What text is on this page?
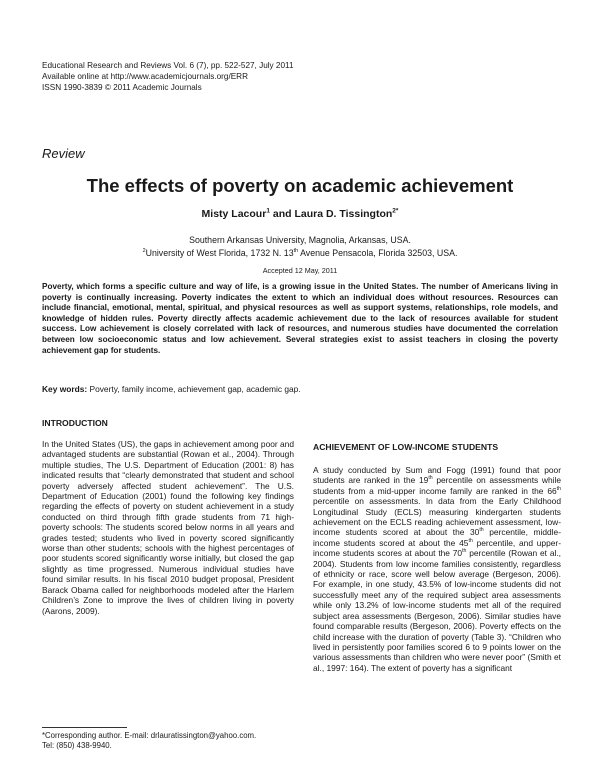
Educational Research and Reviews Vol. 6 (7), pp. 522-527, July 2011
Available online at http://www.academicjournals.org/ERR
ISSN 1990-3839 © 2011 Academic Journals
Review
The effects of poverty on academic achievement
Misty Lacour$^1$ and Laura D. Tissington$^{2*}$
Southern Arkansas University, Magnolia, Arkansas, USA.
$^2$University of West Florida, 1732 N. 13th Avenue Pensacola, Florida 32503, USA.
Accepted 12 May, 2011
Poverty, which forms a specific culture and way of life, is a growing issue in the United States. The number of Americans living in poverty is continually increasing. Poverty indicates the extent to which an individual does without resources. Resources can include financial, emotional, mental, spiritual, and physical resources as well as support systems, relationships, role models, and knowledge of hidden rules. Poverty directly affects academic achievement due to the lack of resources available for student success. Low achievement is closely correlated with lack of resources, and numerous studies have documented the correlation between low socioeconomic status and low achievement. Several strategies exist to assist teachers in closing the poverty achievement gap for students.
Key words: Poverty, family income, achievement gap, academic gap.
INTRODUCTION
In the United States (US), the gaps in achievement among poor and advantaged students are substantial (Rowan et al., 2004). Through multiple studies, The U.S. Department of Education (2001: 8) has indicated results that “clearly demonstrated that student and school poverty adversely affected student achievement”. The U.S. Department of Education (2001) found the following key findings regarding the effects of poverty on student achievement in a study conducted on third through fifth grade students from 71 high-poverty schools: The students scored below norms in all years and grades tested; students who lived in poverty scored significantly worse than other students; schools with the highest percentages of poor students scored significantly worse initially, but closed the gap slightly as time progressed. Numerous individual studies have found similar results. In his fiscal 2010 budget proposal, President Barack Obama called for neighborhoods modeled after the Harlem Children’s Zone to improve the lives of children living in poverty (Aarons, 2009).
ACHIEVEMENT OF LOW-INCOME STUDENTS
A study conducted by Sum and Fogg (1991) found that poor students are ranked in the 19th percentile on assessments while students from a mid-upper income family are ranked in the 66th percentile on assessments. In data from the Early Childhood Longitudinal Study (ECLS) measuring kindergarten students achievement on the ECLS reading achievement assessment, low-income students scored at about the 30th percentile, middle-income students scored at about the 45th percentile, and upper-income students scores at about the 70th percentile (Rowan et al., 2004). Students from low income families consistently, regardless of ethnicity or race, score well below average (Bergeson, 2006). For example, in one study, 43.5% of low-income students did not successfully meet any of the required subject area assessments while only 13.2% of low-income students met all of the required subject area assessments (Bergeson, 2006). Similar studies have found comparable results (Bergeson, 2006). Poverty effects on the child increase with the duration of poverty (Table 3). “Children who lived in persistently poor families scored 6 to 9 points lower on the various assessments than children who were never poor” (Smith et al., 1997: 164). The extent of poverty has a significant
*Corresponding author. E-mail: drlauratissington@yahoo.com.
Tel: (850) 438-9940.
